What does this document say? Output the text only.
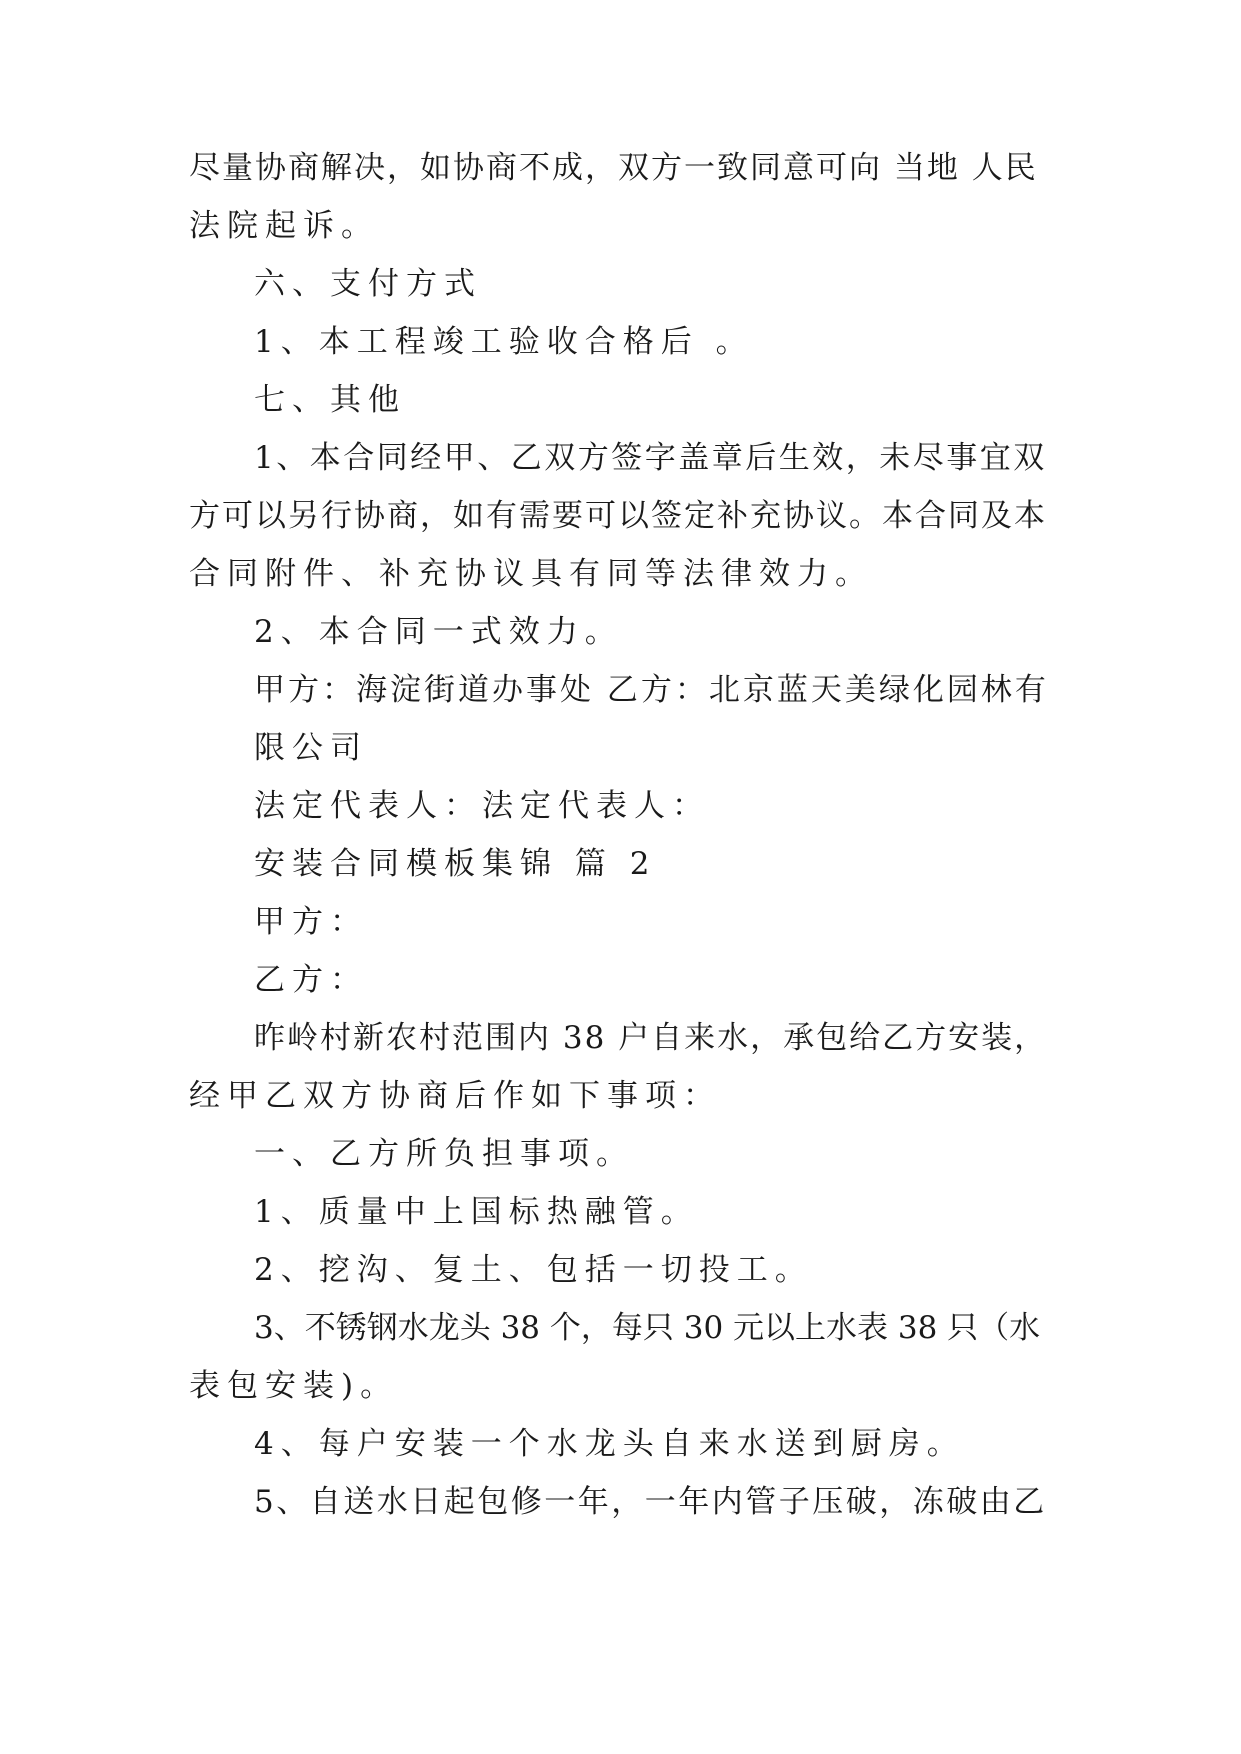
尽量协商解决，如协商不成，双方一致同意可向 当地 人民
法院起诉。
六、支付方式
1、本工程竣工验收合格后 。
七、其他
1、本合同经甲、乙双方签字盖章后生效，未尽事宜双
方可以另行协商，如有需要可以签定补充协议。本合同及本
合同附件、补充协议具有同等法律效力。
2、本合同一式效力。
甲方：海淀街道办事处 乙方：北京蓝天美绿化园林有
限公司
法定代表人：法定代表人：
安装合同模板集锦 篇 2
甲方：
乙方：
昨岭村新农村范围内 38 户自来水，承包给乙方安装，
经甲乙双方协商后作如下事项：
一、乙方所负担事项。
1、质量中上国标热融管。
2、挖沟、复土、包括一切投工。
3、不锈钢水龙头 38 个，每只 30 元以上水表 38 只（水
表包安装)。
4、每户安装一个水龙头自来水送到厨房。
5、自送水日起包修一年，一年内管子压破，冻破由乙
